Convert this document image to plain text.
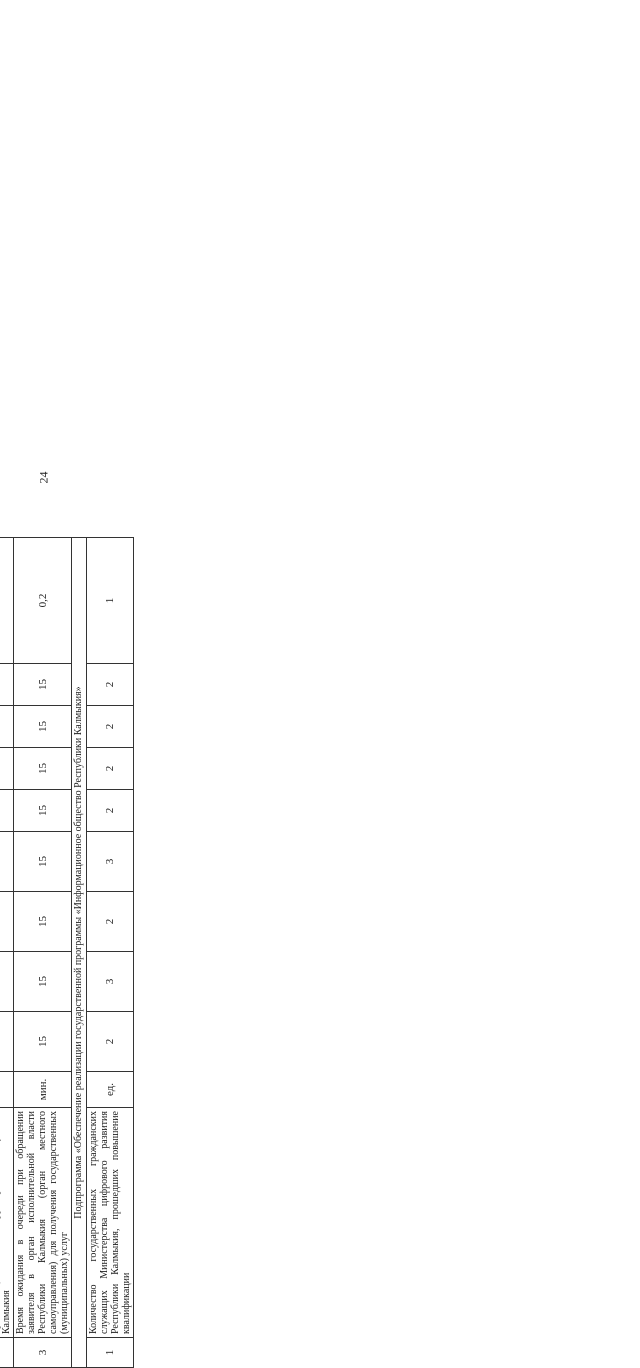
24

	Калмыкия										
3	Время ожидания в очереди при обращении заявителя в орган исполнительной власти Республики Калмыкия (орган местного самоуправления) для получения государственных (муниципальных) услуг	мин.	15	15	15	15	15	15	15	15	0,2
Подпрограмма «Обеспечение реализации государственной программы «Информационное общество Республики Калмыкия»											
1	Количество государственных гражданских служащих Министерства цифрового развития Республики Калмыкия, прошедших повышение квалификации	ед.	2	3	2	3	2	2	2	2	1
